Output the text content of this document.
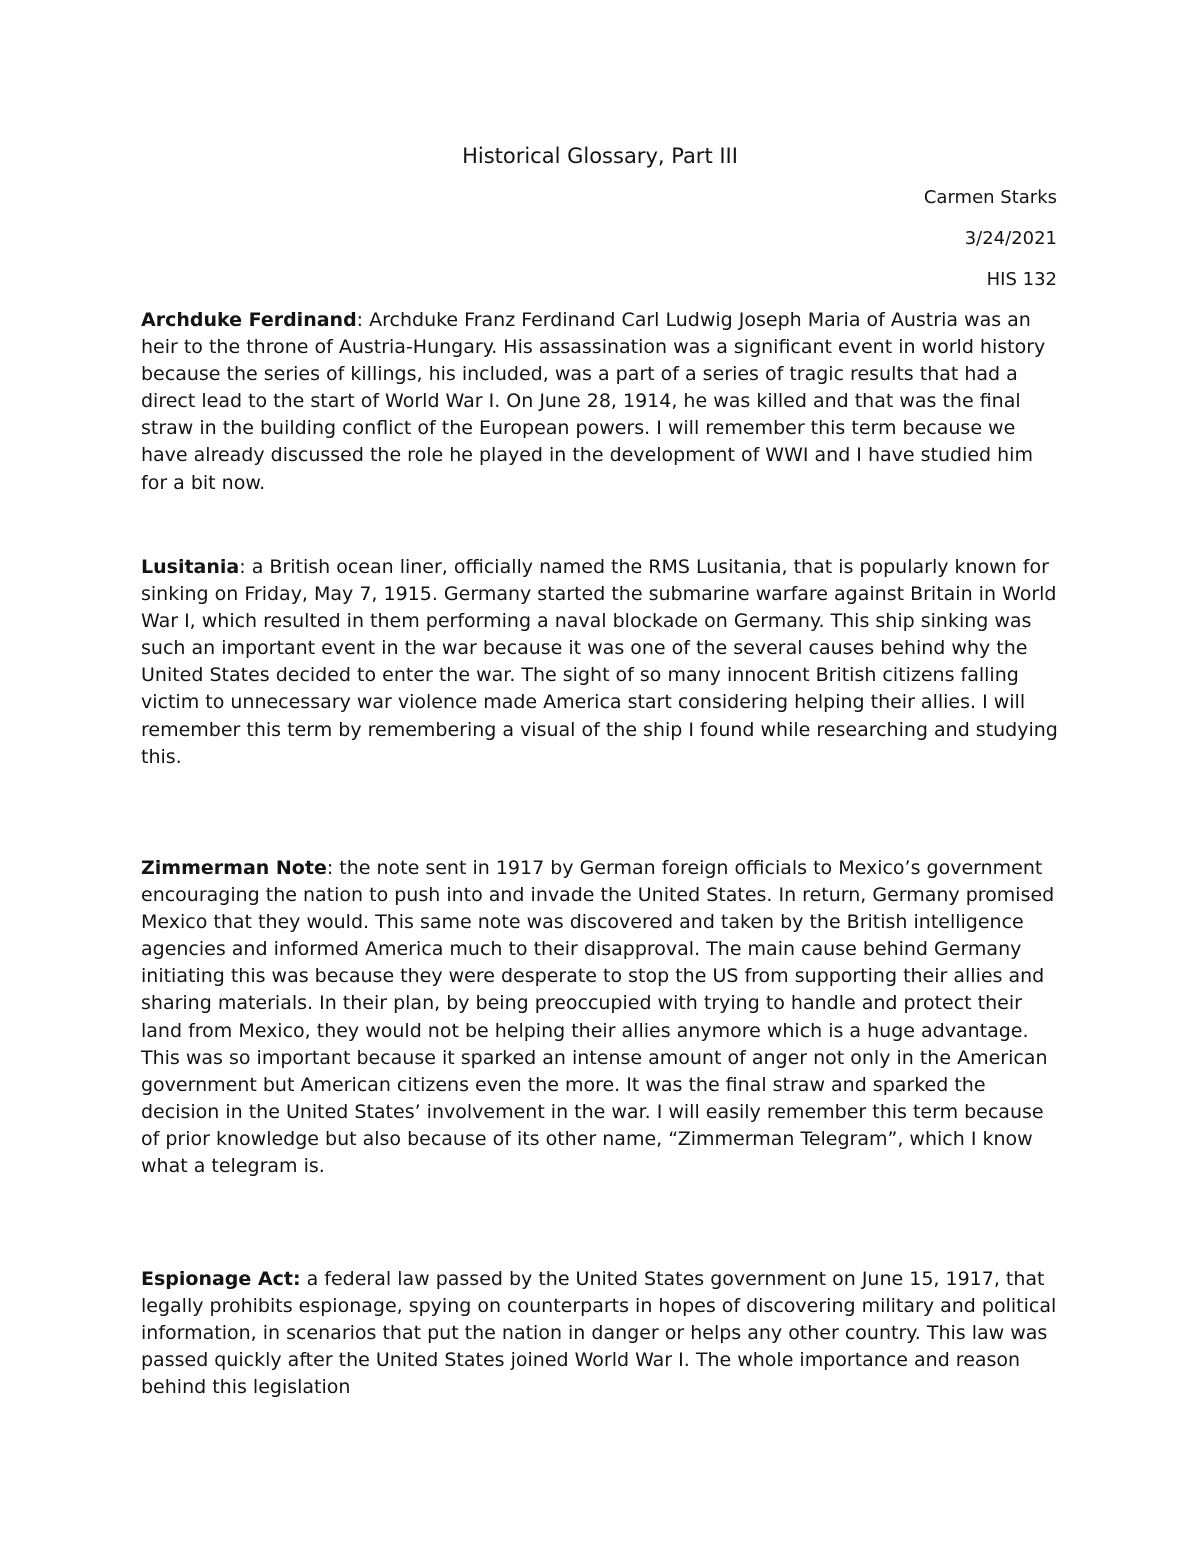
Historical Glossary, Part III

Carmen Starks

3/24/2021

HIS 132

Archduke Ferdinand: Archduke Franz Ferdinand Carl Ludwig Joseph Maria of Austria was an heir to the throne of Austria-Hungary. His assassination was a significant event in world history because the series of killings, his included, was a part of a series of tragic results that had a direct lead to the start of World War I. On June 28, 1914, he was killed and that was the final straw in the building conflict of the European powers. I will remember this term because we have already discussed the role he played in the development of WWI and I have studied him for a bit now.

Lusitania: a British ocean liner, officially named the RMS Lusitania, that is popularly known for sinking on Friday, May 7, 1915. Germany started the submarine warfare against Britain in World War I, which resulted in them performing a naval blockade on Germany. This ship sinking was such an important event in the war because it was one of the several causes behind why the United States decided to enter the war. The sight of so many innocent British citizens falling victim to unnecessary war violence made America start considering helping their allies. I will remember this term by remembering a visual of the ship I found while researching and studying this.

Zimmerman Note: the note sent in 1917 by German foreign officials to Mexico’s government encouraging the nation to push into and invade the United States. In return, Germany promised Mexico that they would. This same note was discovered and taken by the British intelligence agencies and informed America much to their disapproval. The main cause behind Germany initiating this was because they were desperate to stop the US from supporting their allies and sharing materials. In their plan, by being preoccupied with trying to handle and protect their land from Mexico, they would not be helping their allies anymore which is a huge advantage. This was so important because it sparked an intense amount of anger not only in the American government but American citizens even the more. It was the final straw and sparked the decision in the United States’ involvement in the war. I will easily remember this term because of prior knowledge but also because of its other name, “Zimmerman Telegram”, which I know what a telegram is.

Espionage Act: a federal law passed by the United States government on June 15, 1917, that legally prohibits espionage, spying on counterparts in hopes of discovering military and political information, in scenarios that put the nation in danger or helps any other country. This law was passed quickly after the United States joined World War I. The whole importance and reason behind this legislation
